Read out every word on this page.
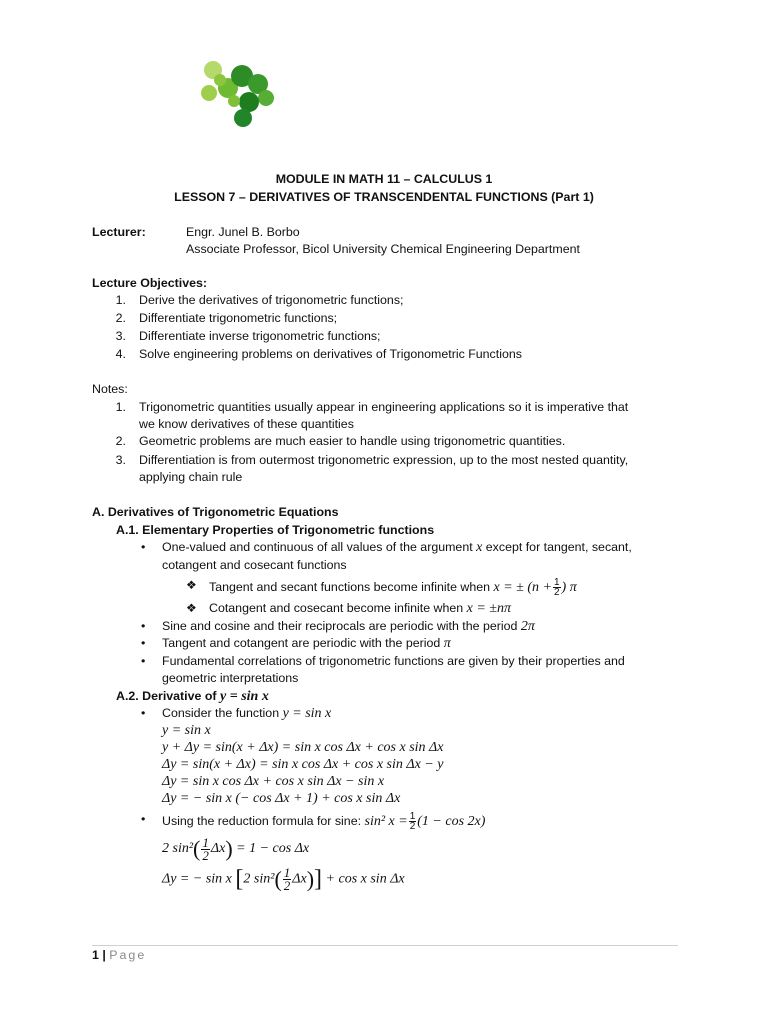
MODULE IN MATH 11 – CALCULUS 1
LESSON 7 – DERIVATIVES OF TRANSCENDENTAL FUNCTIONS (Part 1)
Lecturer:	Engr. Junel B. Borbo
Associate Professor, Bicol University Chemical Engineering Department
Lecture Objectives:
1. Derive the derivatives of trigonometric functions;
2. Differentiate trigonometric functions;
3. Differentiate inverse trigonometric functions;
4. Solve engineering problems on derivatives of Trigonometric Functions
Notes:
1. Trigonometric quantities usually appear in engineering applications so it is imperative that
we know derivatives of these quantities
2. Geometric problems are much easier to handle using trigonometric quantities.
3. Differentiation is from outermost trigonometric expression, up to the most nested quantity,
applying chain rule
A. Derivatives of Trigonometric Equations
A.1. Elementary Properties of Trigonometric functions
• One-valued and continuous of all values of the argument x except for tangent, secant,
cotangent and cosecant functions
❖ Tangent and secant functions become infinite when x = ± ($n + \frac{1}{2}$ ) π
❖ Cotangent and cosecant become infinite when x = ±nπ
• Sine and cosine and their reciprocals are periodic with the period 2π
• Tangent and cotangent are periodic with the period π
• Fundamental correlations of trigonometric functions are given by their properties and
geometric interpretations
A.2. Derivative of y = sin x
• Consider the function y = sin x
y = sin x
y + Δy = sin(x + Δx) = sin x cos Δx + cos x sin Δx
Δy = sin(x + Δx) = sin x cos Δx + cos x sin Δx − y
Δy = sin x cos Δx + cos x sin Δx − sin x
Δy = − sin x (− cos Δx + 1) + cos x sin Δx
• Using the reduction formula for sine: sin² $x = \frac{1}{2} (1 - \cos 2x)$
2 $\sin^2( \frac{1}{2} \Delta x) = 1 - \cos \Delta x$
Δy = − sin x [2 $\sin^2( \frac{1}{2} \Delta x)] + \cos x$ sin Δx
1 | Page
